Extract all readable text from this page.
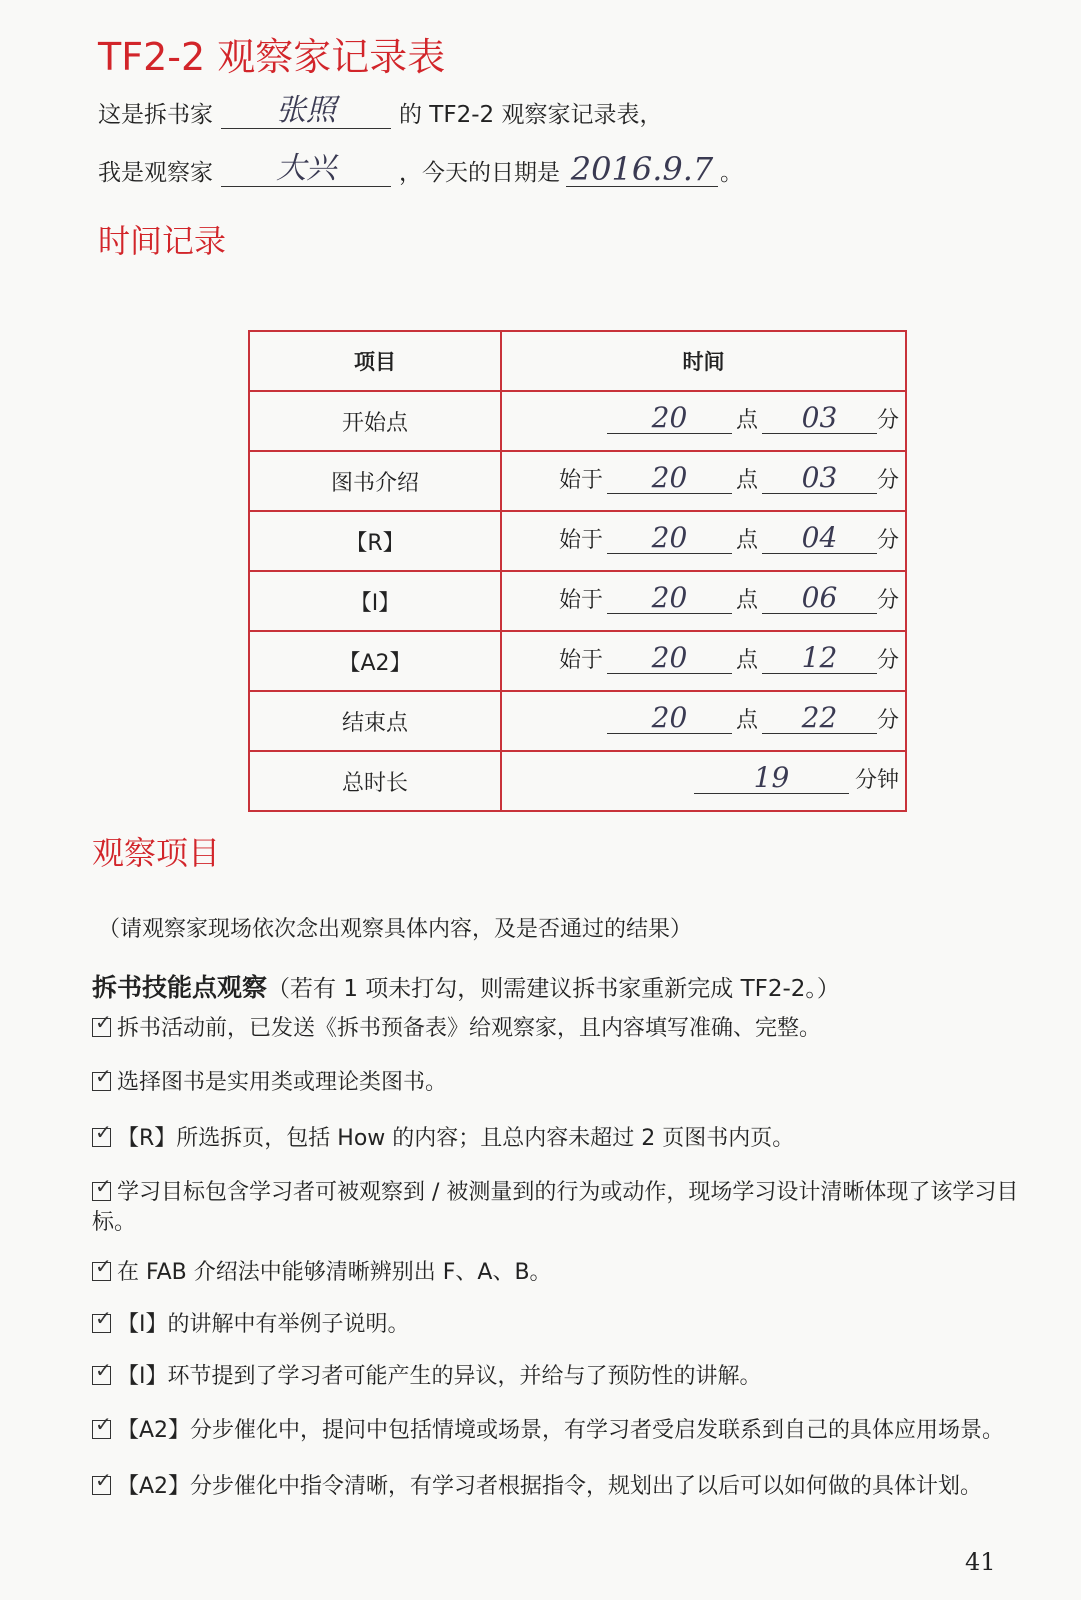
TF2-2 观察家记录表
这是拆书家	张照	的 TF2-2 观察家记录表，
我是观察家	大兴	，今天的日期是 2016.9.7 。
时间记录
项目	时间
开始点	20 点 03 分

图书介绍	始于 20 点 03 分

【R】	始于 20 点 04 分

【I】	始于 20 点 06 分

【A2】	始于 20 点 12 分

结束点	20 点 22 分

总时长	19 分钟
观察项目
（请观察家现场依次念出观察具体内容，及是否通过的结果）
拆书技能点观察（若有 1 项未打勾，则需建议拆书家重新完成 TF2-2。）
✓ 拆书活动前，已发送《拆书预备表》给观察家，且内容填写准确、完整。
✓ 选择图书是实用类或理论类图书。
✓ 【R】所选拆页，包括 How 的内容；且总内容未超过 2 页图书内页。
✓ 学习目标包含学习者可被观察到 / 被测量到的行为或动作，现场学习设计清晰体现了该学习目标。
✓ 在 FAB 介绍法中能够清晰辨别出 F、A、B。
✓ 【I】的讲解中有举例子说明。
✓ 【I】环节提到了学习者可能产生的异议，并给与了预防性的讲解。
✓ 【A2】分步催化中，提问中包括情境或场景，有学习者受启发联系到自己的具体应用场景。
✓ 【A2】分步催化中指令清晰，有学习者根据指令，规划出了以后可以如何做的具体计划。
41
